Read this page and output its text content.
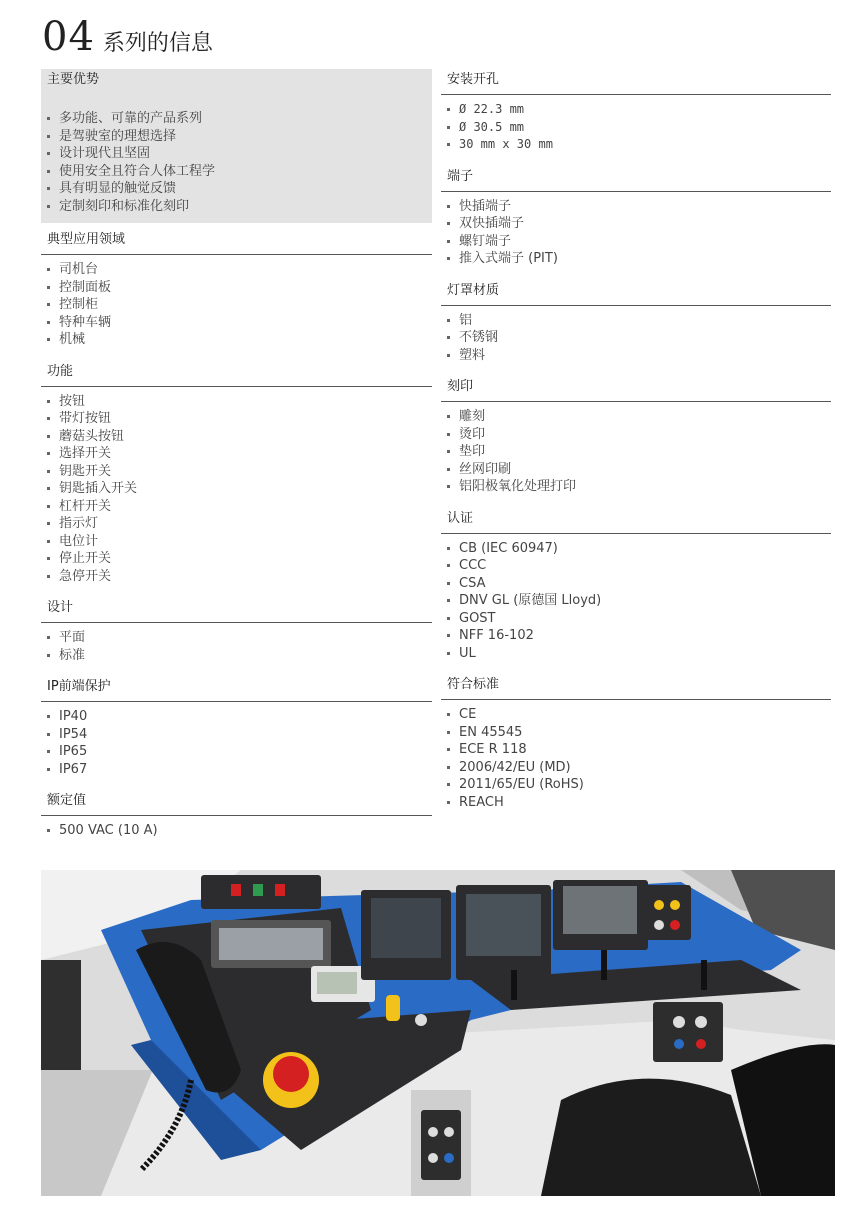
04 系列的信息
主要优势
多功能、可靠的产品系列
是驾驶室的理想选择
设计现代且坚固
使用安全且符合人体工程学
具有明显的触觉反馈
定制刻印和标准化刻印
典型应用领域
司机台
控制面板
控制柜
特种车辆
机械
功能
按钮
带灯按钮
蘑菇头按钮
选择开关
钥匙开关
钥匙插入开关
杠杆开关
指示灯
电位计
停止开关
急停开关
设计
平面
标准
IP前端保护
IP40
IP54
IP65
IP67
额定值
500 VAC (10 A)
安装开孔
Ø 22.3 mm
Ø 30.5 mm
30 mm x 30 mm
端子
快插端子
双快插端子
螺钉端子
推入式端子 (PIT)
灯罩材质
铝
不锈钢
塑料
刻印
雕刻
烫印
垫印
丝网印刷
铝阳极氧化处理打印
认证
CB (IEC 60947)
CCC
CSA
DNV GL (原德国 Lloyd)
GOST
NFF 16-102
UL
符合标准
CE
EN 45545
ECE R 118
2006/42/EU (MD)
2011/65/EU (RoHS)
REACH
